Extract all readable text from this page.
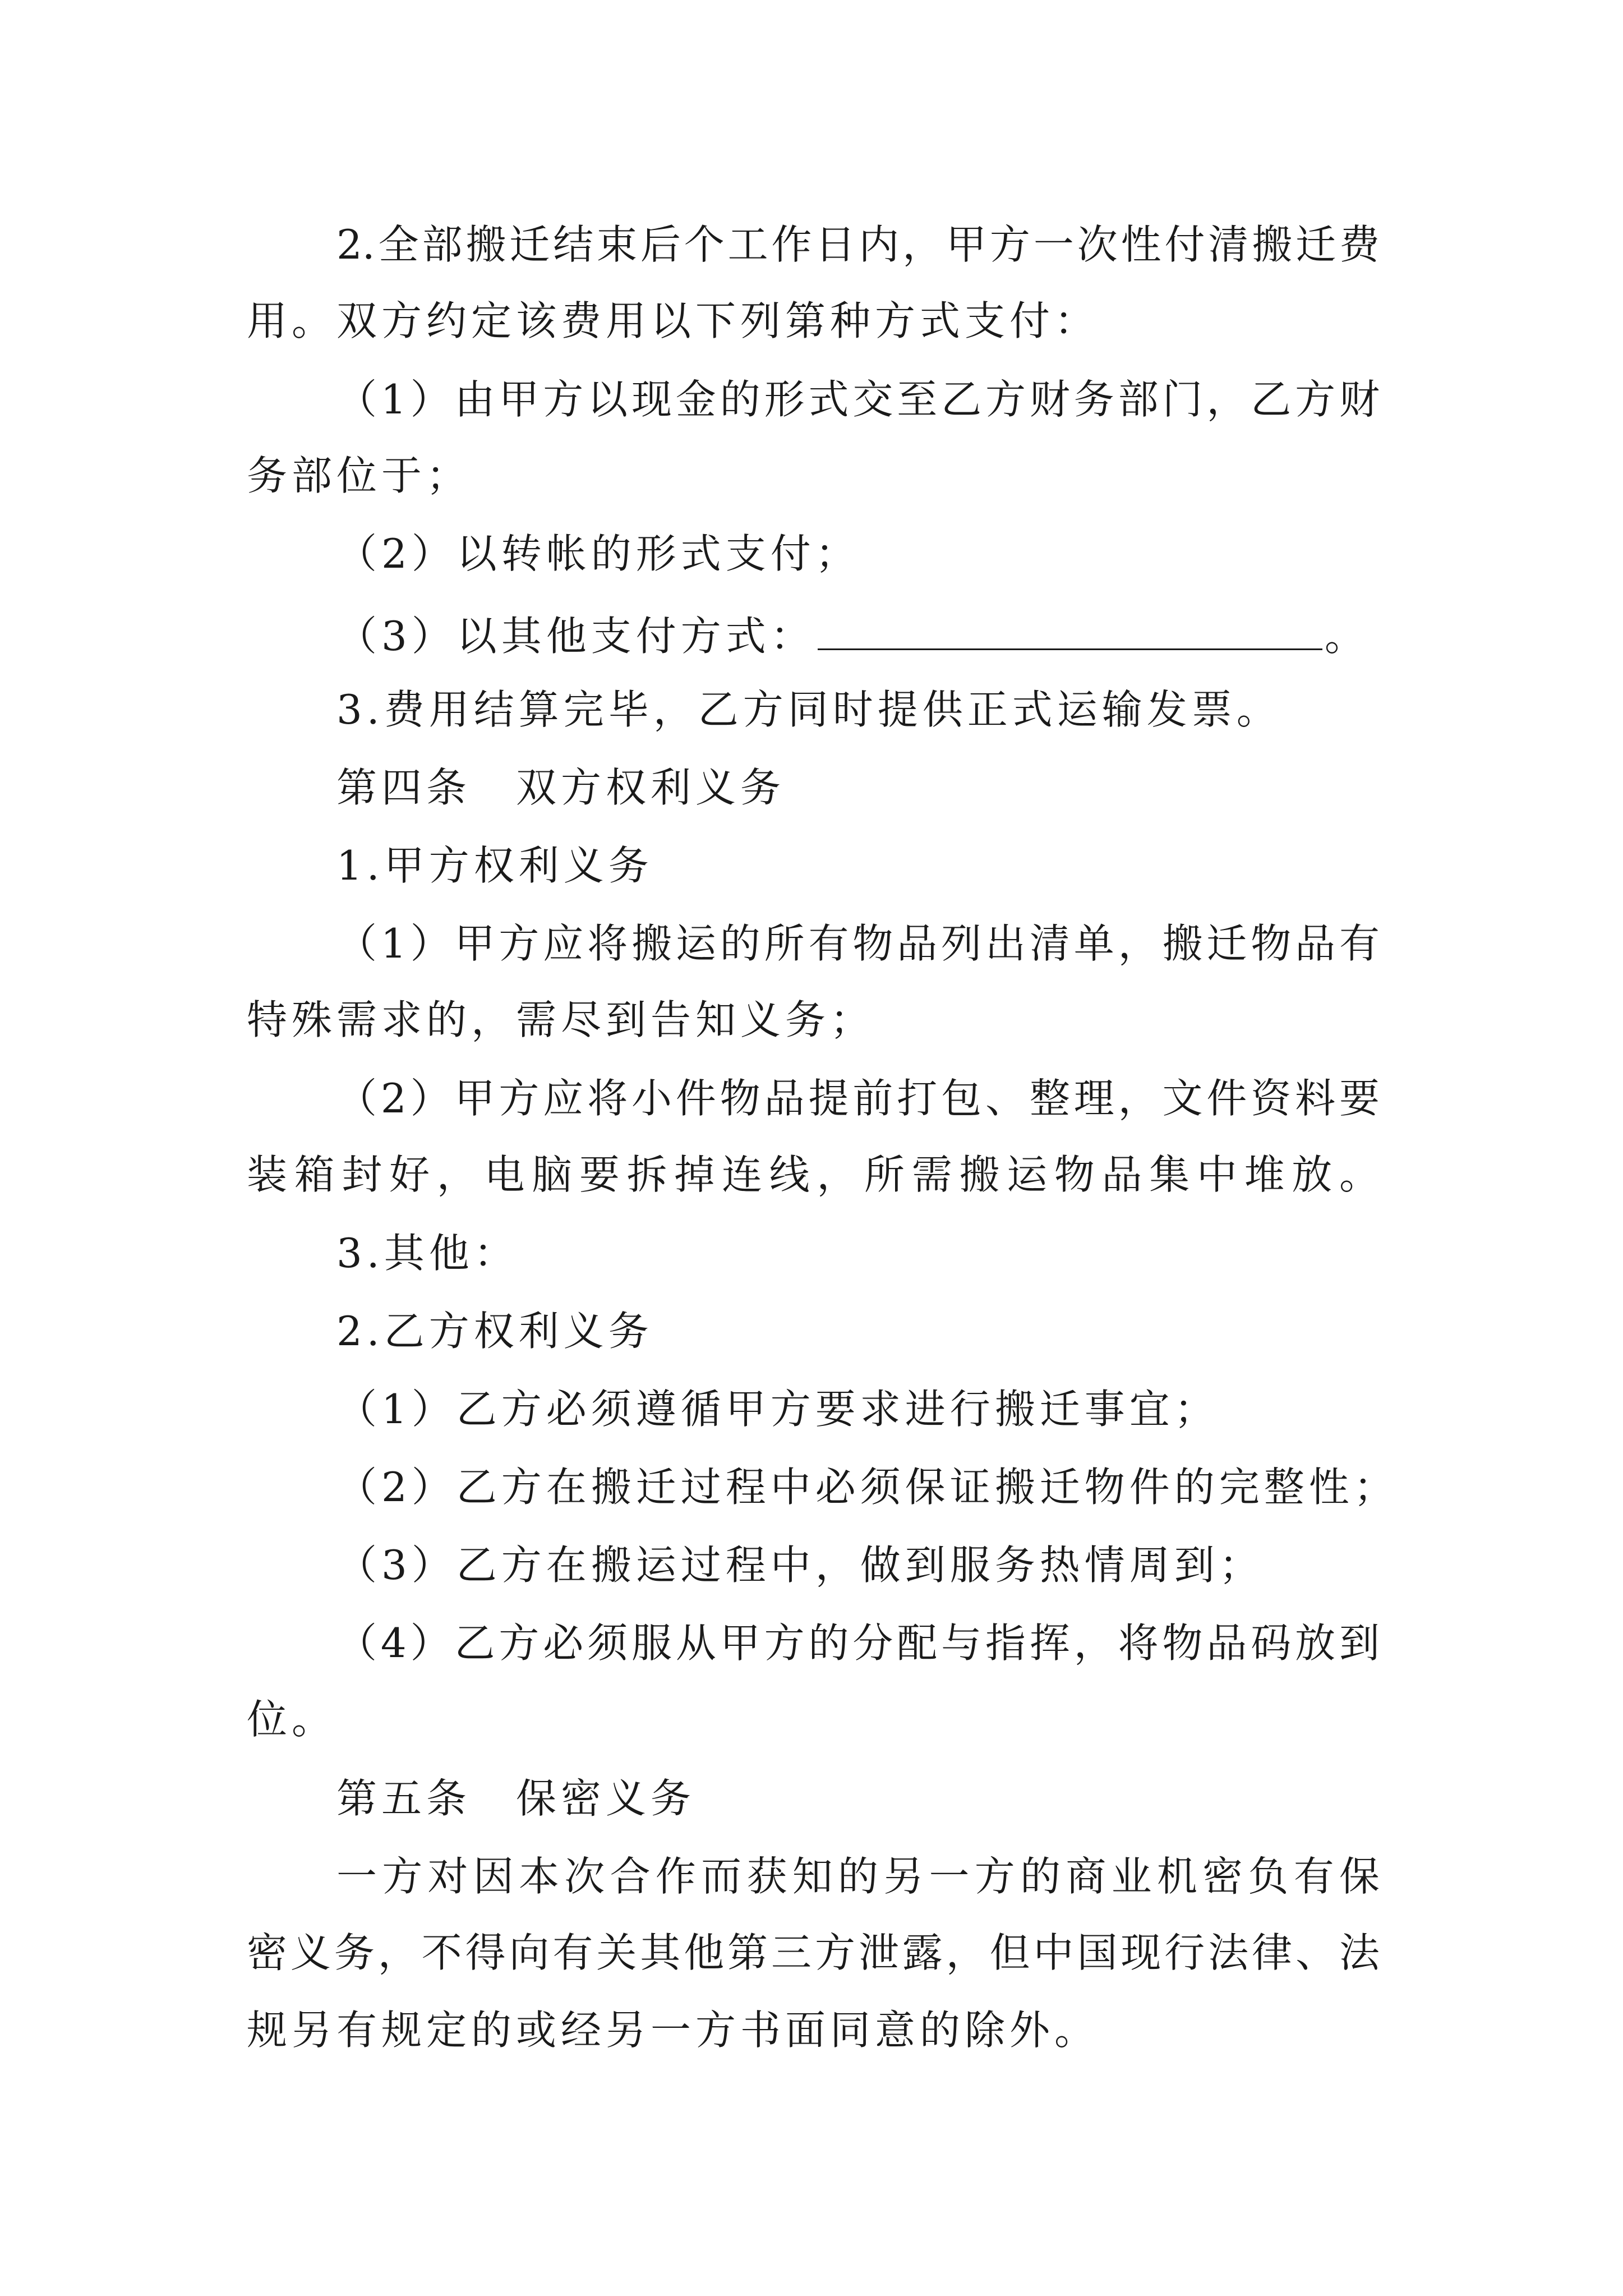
2.全部搬迁结束后个工作日内，甲方一次性付清搬迁费
用。双方约定该费用以下列第种方式支付：
（1）由甲方以现金的形式交至乙方财务部门，乙方财
务部位于；
（2）以转帐的形式支付；
（3）以其他支付方式：	。
3.费用结算完毕，乙方同时提供正式运输发票。
第四条　双方权利义务
1.甲方权利义务
（1）甲方应将搬运的所有物品列出清单，搬迁物品有
特殊需求的，需尽到告知义务；
（2）甲方应将小件物品提前打包、整理，文件资料要
装箱封好，电脑要拆掉连线，所需搬运物品集中堆放。
3.其他：
2.乙方权利义务
（1）乙方必须遵循甲方要求进行搬迁事宜；
（2）乙方在搬迁过程中必须保证搬迁物件的完整性；
（3）乙方在搬运过程中，做到服务热情周到；
（4）乙方必须服从甲方的分配与指挥，将物品码放到
位。
第五条　保密义务
一方对因本次合作而获知的另一方的商业机密负有保
密义务，不得向有关其他第三方泄露，但中国现行法律、法
规另有规定的或经另一方书面同意的除外。
